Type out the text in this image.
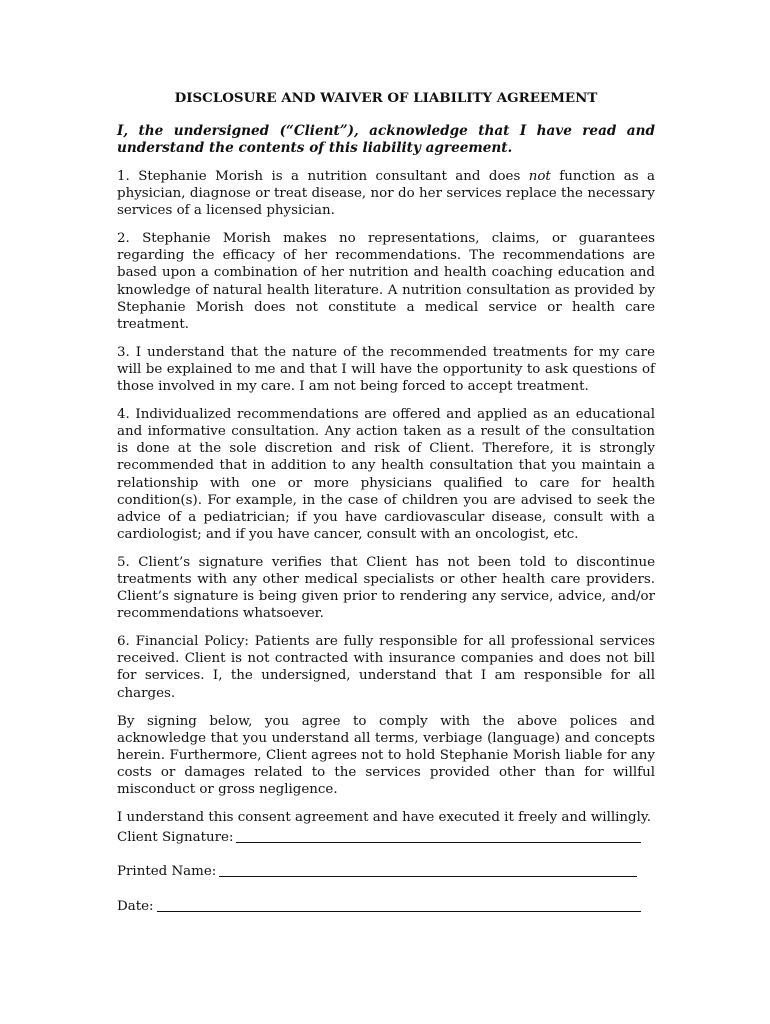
DISCLOSURE AND WAIVER OF LIABILITY AGREEMENT
I, the undersigned (“Client”), acknowledge that I have read and understand the contents of this liability agreement.
1. Stephanie Morish is a nutrition consultant and does not function as a physician, diagnose or treat disease, nor do her services replace the necessary services of a licensed physician.
2. Stephanie Morish makes no representations, claims, or guarantees regarding the efficacy of her recommendations. The recommendations are based upon a combination of her nutrition and health coaching education and knowledge of natural health literature. A nutrition consultation as provided by Stephanie Morish does not constitute a medical service or health care treatment.
3. I understand that the nature of the recommended treatments for my care will be explained to me and that I will have the opportunity to ask questions of those involved in my care. I am not being forced to accept treatment.
4. Individualized recommendations are offered and applied as an educational and informative consultation. Any action taken as a result of the consultation is done at the sole discretion and risk of Client. Therefore, it is strongly recommended that in addition to any health consultation that you maintain a relationship with one or more physicians qualified to care for health condition(s). For example, in the case of children you are advised to seek the advice of a pediatrician; if you have cardiovascular disease, consult with a cardiologist; and if you have cancer, consult with an oncologist, etc.
5. Client’s signature verifies that Client has not been told to discontinue treatments with any other medical specialists or other health care providers. Client’s signature is being given prior to rendering any service, advice, and/or recommendations whatsoever.
6. Financial Policy: Patients are fully responsible for all professional services received. Client is not contracted with insurance companies and does not bill for services. I, the undersigned, understand that I am responsible for all charges.
By signing below, you agree to comply with the above polices and acknowledge that you understand all terms, verbiage (language) and concepts herein. Furthermore, Client agrees not to hold Stephanie Morish liable for any costs or damages related to the services provided other than for willful misconduct or gross negligence.
I understand this consent agreement and have executed it freely and willingly.
Client Signature:
Printed Name:
Date:
